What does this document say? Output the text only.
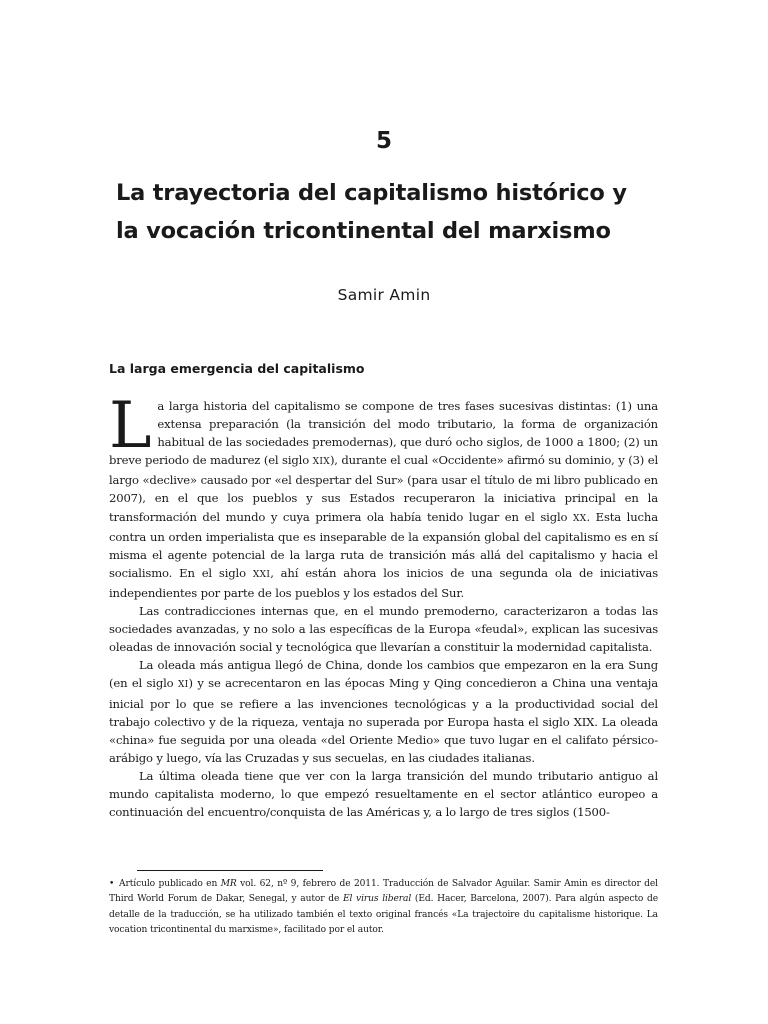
5
La trayectoria del capitalismo histórico y
la vocación tricontinental del marxismo
Samir Amin
La larga emergencia del capitalismo

La larga historia del capitalismo se compone de tres fases sucesivas distintas: (1) una extensa preparación (la transición del modo tributario, la forma de organización habitual de las sociedades premodernas), que duró ocho siglos, de 1000 a 1800; (2) un breve periodo de madurez (el siglo XIX), durante el cual «Occidente» afirmó su dominio, y (3) el largo «declive» causado por «el despertar del Sur» (para usar el título de mi libro publicado en 2007), en el que los pueblos y sus Estados recuperaron la iniciativa principal en la transformación del mundo y cuya primera ola había tenido lugar en el siglo XX. Esta lucha contra un orden imperialista que es inseparable de la expansión global del capitalismo es en sí misma el agente potencial de la larga ruta de transición más allá del capitalismo y hacia el socialismo. En el siglo XXI, ahí están ahora los inicios de una segunda ola de iniciativas independientes por parte de los pueblos y los estados del Sur.

Las contradicciones internas que, en el mundo premoderno, caracterizaron a todas las sociedades avanzadas, y no solo a las específicas de la Europa «feudal», explican las sucesivas oleadas de innovación social y tecnológica que llevarían a constituir la modernidad capitalista.

La oleada más antigua llegó de China, donde los cambios que empezaron en la era Sung (en el siglo XI) y se acrecentaron en las épocas Ming y Qing concedieron a China una ventaja inicial por lo que se refiere a las invenciones tecnológicas y a la productividad social del trabajo colectivo y de la riqueza, ventaja no superada por Europa hasta el siglo XIX. La oleada «china» fue seguida por una oleada «del Oriente Medio» que tuvo lugar en el califato pérsico-arábigo y luego, vía las Cruzadas y sus secuelas, en las ciudades italianas.

La última oleada tiene que ver con la larga transición del mundo tributario antiguo al mundo capitalista moderno, lo que empezó resueltamente en el sector atlántico europeo a continuación del encuentro/conquista de las Américas y, a lo largo de tres siglos (1500-

• Artículo publicado en MR vol. 62, nº 9, febrero de 2011. Traducción de Salvador Aguilar. Samir Amin es director del Third World Forum de Dakar, Senegal, y autor de El virus liberal (Ed. Hacer, Barcelona, 2007). Para algún aspecto de detalle de la traducción, se ha utilizado también el texto original francés «La trajectoire du capitalisme historique. La vocation tricontinental du marxisme», facilitado por el autor.
